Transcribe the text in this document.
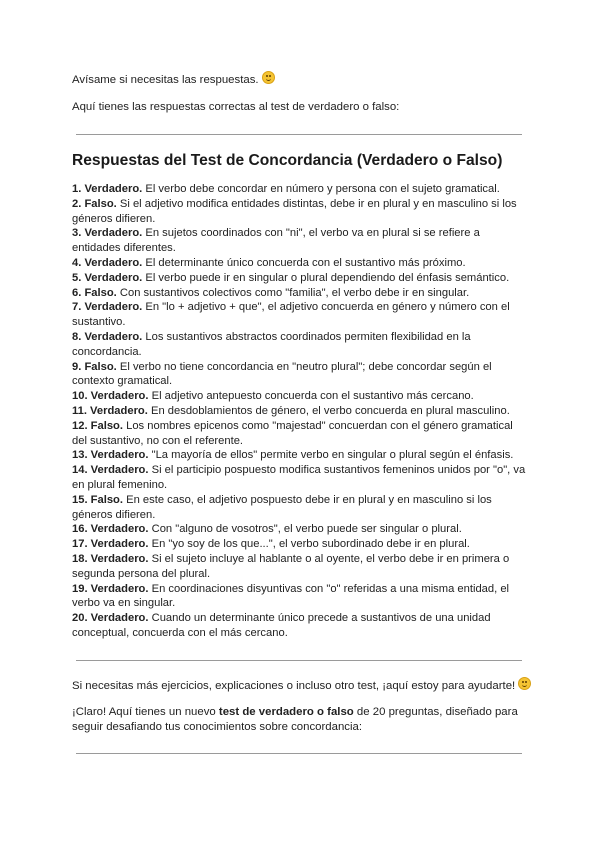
Avísame si necesitas las respuestas.

Aquí tienes las respuestas correctas al test de verdadero o falso:

Respuestas del Test de Concordancia (Verdadero o Falso)
1. Verdadero. El verbo debe concordar en número y persona con el sujeto gramatical.
2. Falso. Si el adjetivo modifica entidades distintas, debe ir en plural y en masculino si los géneros difieren.
3. Verdadero. En sujetos coordinados con "ni", el verbo va en plural si se refiere a entidades diferentes.
4. Verdadero. El determinante único concuerda con el sustantivo más próximo.
5. Verdadero. El verbo puede ir en singular o plural dependiendo del énfasis semántico.
6. Falso. Con sustantivos colectivos como "familia", el verbo debe ir en singular.
7. Verdadero. En "lo + adjetivo + que", el adjetivo concuerda en género y número con el sustantivo.
8. Verdadero. Los sustantivos abstractos coordinados permiten flexibilidad en la concordancia.
9. Falso. El verbo no tiene concordancia en "neutro plural"; debe concordar según el contexto gramatical.
10. Verdadero. El adjetivo antepuesto concuerda con el sustantivo más cercano.
11. Verdadero. En desdoblamientos de género, el verbo concuerda en plural masculino.
12. Falso. Los nombres epicenos como "majestad" concuerdan con el género gramatical del sustantivo, no con el referente.
13. Verdadero. "La mayoría de ellos" permite verbo en singular o plural según el énfasis.
14. Verdadero. Si el participio pospuesto modifica sustantivos femeninos unidos por "o", va en plural femenino.
15. Falso. En este caso, el adjetivo pospuesto debe ir en plural y en masculino si los géneros difieren.
16. Verdadero. Con "alguno de vosotros", el verbo puede ser singular o plural.
17. Verdadero. En "yo soy de los que...", el verbo subordinado debe ir en plural.
18. Verdadero. Si el sujeto incluye al hablante o al oyente, el verbo debe ir en primera o segunda persona del plural.
19. Verdadero. En coordinaciones disyuntivas con "o" referidas a una misma entidad, el verbo va en singular.
20. Verdadero. Cuando un determinante único precede a sustantivos de una unidad conceptual, concuerda con el más cercano.

Si necesitas más ejercicios, explicaciones o incluso otro test, ¡aquí estoy para ayudarte!

¡Claro! Aquí tienes un nuevo test de verdadero o falso de 20 preguntas, diseñado para seguir desafiando tus conocimientos sobre concordancia:
